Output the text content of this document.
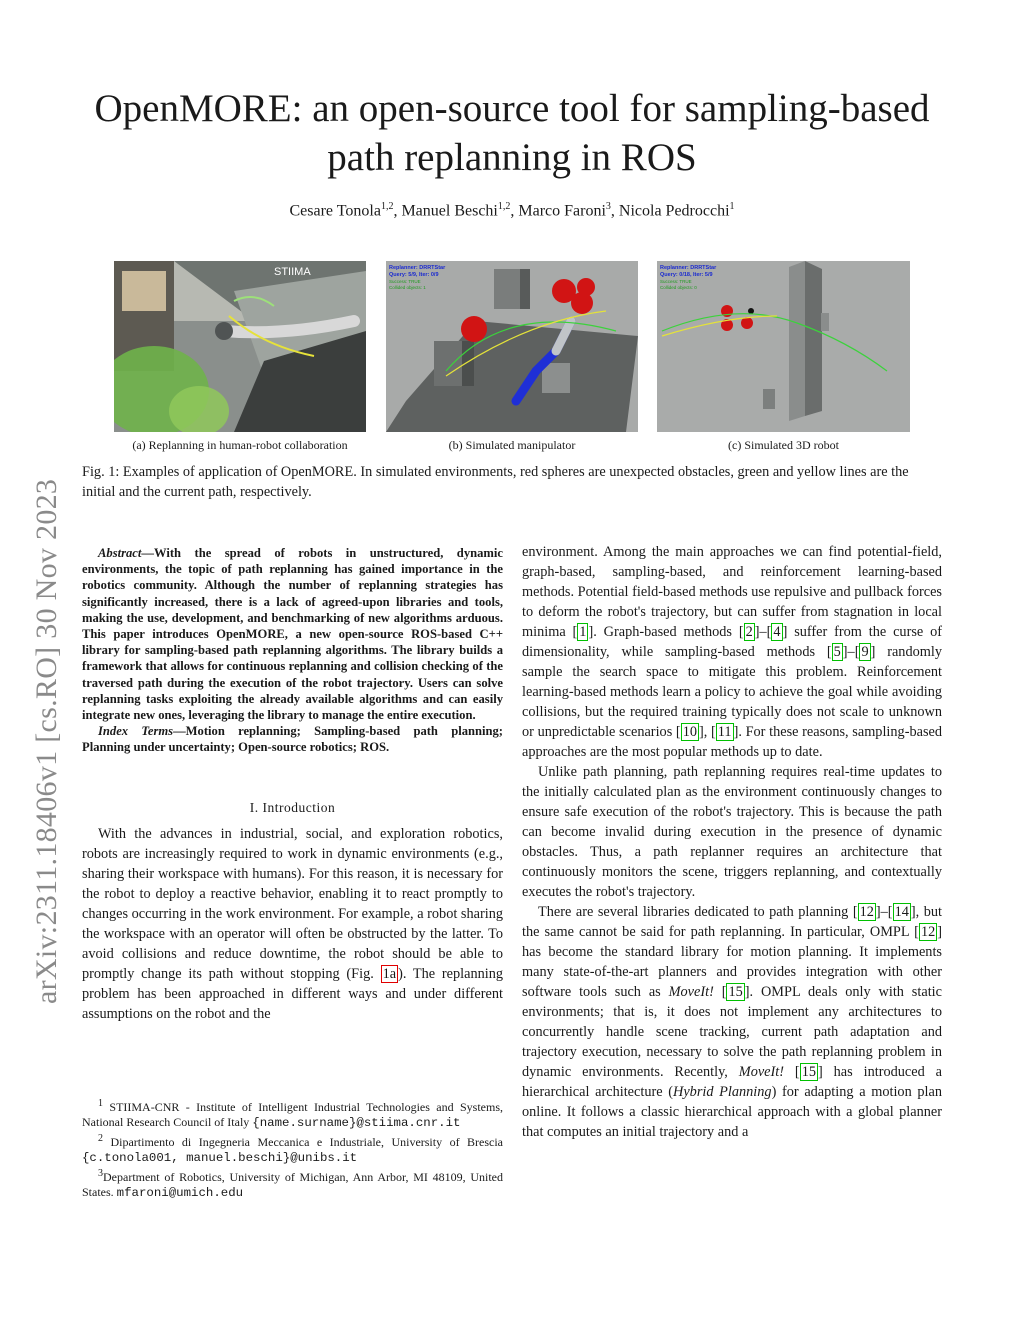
OpenMORE: an open-source tool for sampling-based
path replanning in ROS
Cesare Tonola$^{1,2}$, Manuel Beschi$^{1,2}$, Marco Faroni$^3$, Nicola Pedrocchi$^1$
arXiv:2311.18406v1 [cs.RO] 30 Nov 2023
STIIMA	Replanner: DRRTStar
Query: 5/9, Iter: 0/9
Success: TRUE
Collided objects: 1
Replanner: DRRTStar
Query: 0/18, Iter: 5/9
Success: TRUE
Collided objects: 0
(a) Replanning in human-robot collaboration	(b) Simulated manipulator	(c) Simulated 3D robot
Fig. 1: Examples of application of OpenMORE. In simulated environments, red spheres are unexpected obstacles, green and yellow lines are the initial and the current path, respectively.

Abstract—With the spread of robots in unstructured, dynamic environments, the topic of path replanning has gained importance in the robotics community. Although the number of replanning strategies has significantly increased, there is a lack of agreed-upon libraries and tools, making the use, development, and benchmarking of new algorithms arduous. This paper introduces OpenMORE, a new open-source ROS-based C++ library for sampling-based path replanning algorithms. The library builds a framework that allows for continuous replanning and collision checking of the traversed path during the execution of the robot trajectory. Users can solve replanning tasks exploiting the already available algorithms and can easily integrate new ones, leveraging the library to manage the entire execution.

Index Terms—Motion replanning; Sampling-based path planning; Planning under uncertainty; Open-source robotics; ROS.

I. Introduction

With the advances in industrial, social, and exploration robotics, robots are increasingly required to work in dynamic environments (e.g., sharing their workspace with humans). For this reason, it is necessary for the robot to deploy a reactive behavior, enabling it to react promptly to changes occurring in the work environment. For example, a robot sharing the workspace with an operator will often be obstructed by the latter. To avoid collisions and reduce downtime, the robot should be able to promptly change its path without stopping (Fig. 1a ). The replanning problem has been approached in different ways and under different assumptions on the robot and the

$^1$ STIIMA-CNR - Institute of Intelligent Industrial Technologies and Systems, National Research Council of Italy {name.surname}@stiima.cnr.it

$^2$ Dipartimento di Ingegneria Meccanica e Industriale, University of Brescia {c.tonola001, manuel.beschi}@unibs.it

$^3$Department of Robotics, University of Michigan, Ann Arbor, MI 48109, United States. mfaroni@umich.edu

environment. Among the main approaches we can find potential-field, graph-based, sampling-based, and reinforcement learning-based methods. Potential field-based methods use repulsive and pullback forces to deform the robot's trajectory, but can suffer from stagnation in local minima [ 1 ]. Graph-based methods [ 2 ]–[ 4 ] suffer from the curse of dimensionality, while sampling-based methods [ 5 ]–[ 9 ] randomly sample the search space to mitigate this problem. Reinforcement learning-based methods learn a policy to achieve the goal while avoiding collisions, but the required training typically does not scale to unknown or unpredictable scenarios [ 10 ], [ 11 ]. For these reasons, sampling-based approaches are the most popular methods up to date.

Unlike path planning, path replanning requires real-time updates to the initially calculated plan as the environment continuously changes to ensure safe execution of the robot's trajectory. This is because the path can become invalid during execution in the presence of dynamic obstacles. Thus, a path replanner requires an architecture that continuously monitors the scene, triggers replanning, and contextually executes the robot's trajectory.

There are several libraries dedicated to path planning [ 12 ]–[ 14 ], but the same cannot be said for path replanning. In particular, OMPL [ 12 ] has become the standard library for motion planning. It implements many state-of-the-art planners and provides integration with other software tools such as MoveIt! [ 15 ]. OMPL deals only with static environments; that is, it does not implement any architectures to concurrently handle scene tracking, current path adaptation and trajectory execution, necessary to solve the path replanning problem in dynamic environments. Recently, MoveIt! [ 15 ] has introduced a hierarchical architecture (Hybrid Planning) for adapting a motion plan online. It follows a classic hierarchical approach with a global planner that computes an initial trajectory and a
